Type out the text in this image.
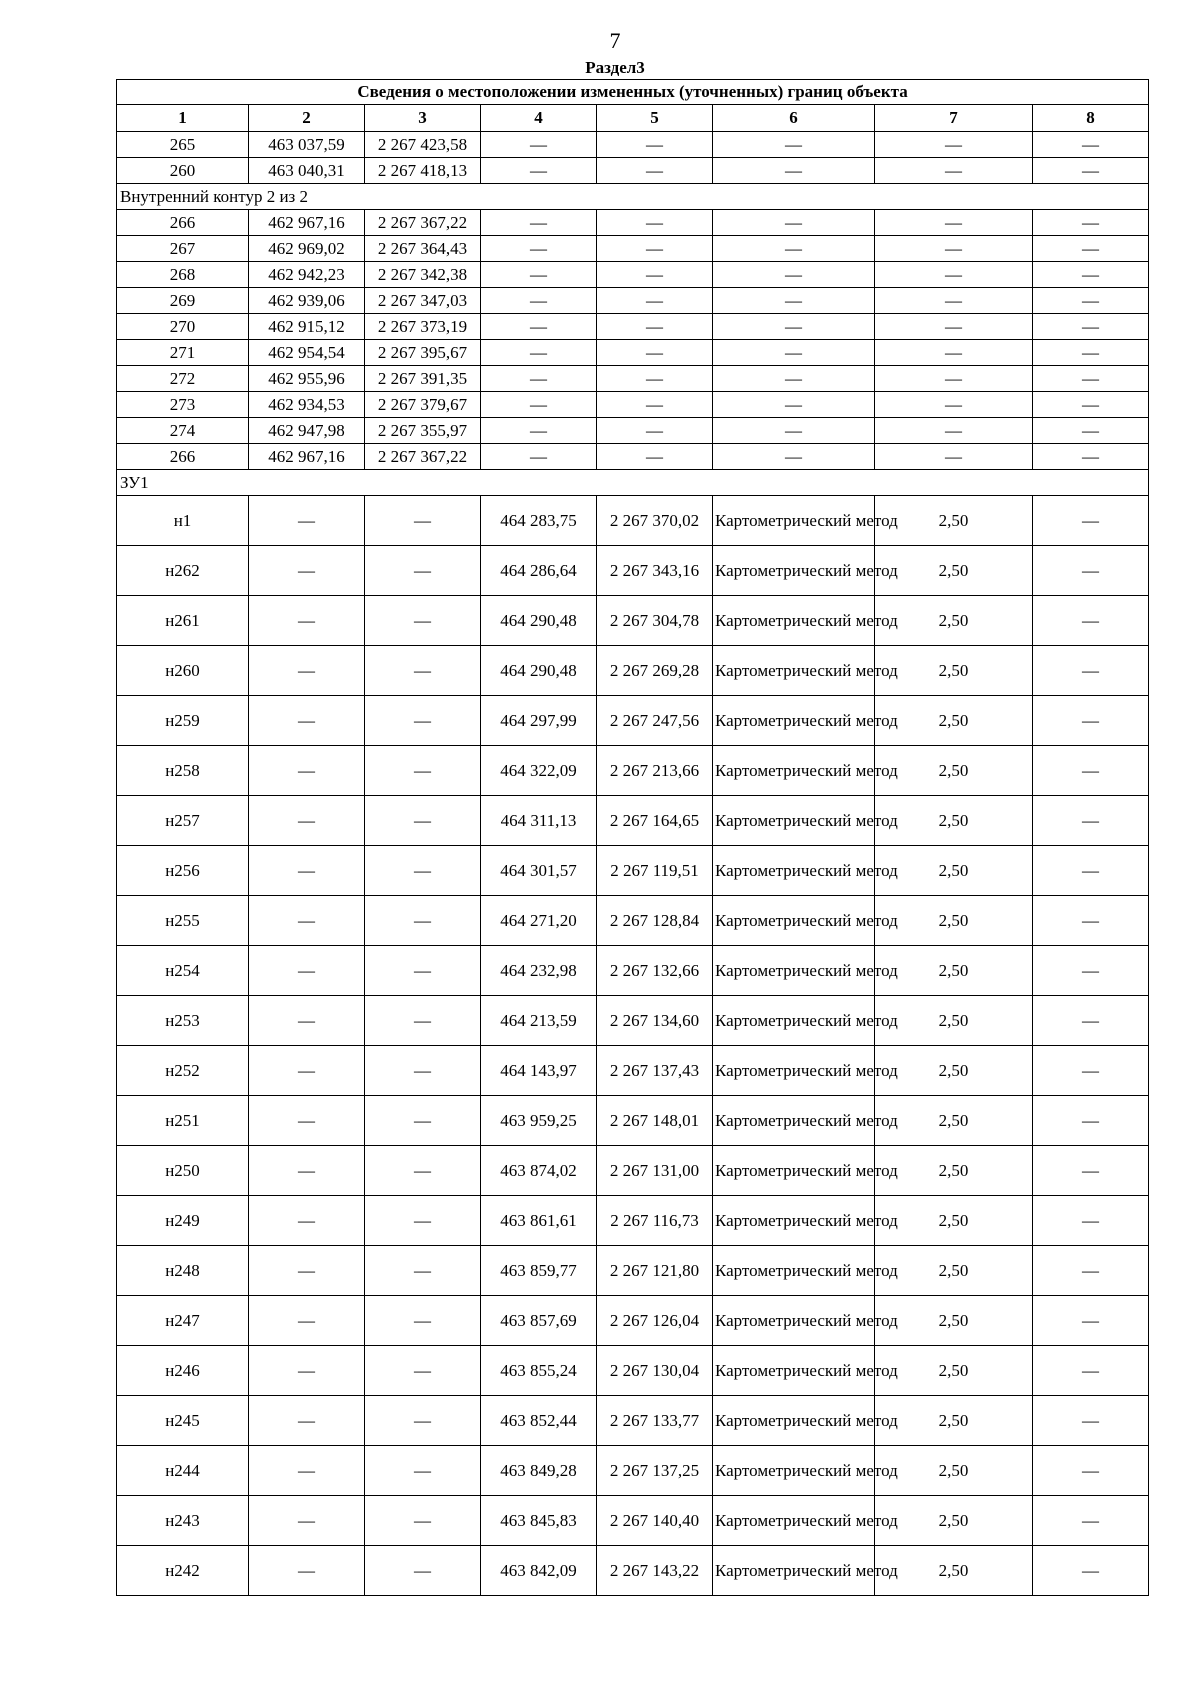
7
Раздел3
Сведения о местоположении измененных (уточненных) границ объекта							
1	2	3	4	5	6	7	8
265	463 037,59	2 267 423,58	—	—	—	—	—
260	463 040,31	2 267 418,13	—	—	—	—	—
Внутренний контур 2 из 2							
266	462 967,16	2 267 367,22	—	—	—	—	—
267	462 969,02	2 267 364,43	—	—	—	—	—
268	462 942,23	2 267 342,38	—	—	—	—	—
269	462 939,06	2 267 347,03	—	—	—	—	—
270	462 915,12	2 267 373,19	—	—	—	—	—
271	462 954,54	2 267 395,67	—	—	—	—	—
272	462 955,96	2 267 391,35	—	—	—	—	—
273	462 934,53	2 267 379,67	—	—	—	—	—
274	462 947,98	2 267 355,97	—	—	—	—	—
266	462 967,16	2 267 367,22	—	—	—	—	—
ЗУ1							
н1	—	—	464 283,75	2 267 370,02	Картометрический метод	2,50	—
н262	—	—	464 286,64	2 267 343,16	Картометрический метод	2,50	—
н261	—	—	464 290,48	2 267 304,78	Картометрический метод	2,50	—
н260	—	—	464 290,48	2 267 269,28	Картометрический метод	2,50	—
н259	—	—	464 297,99	2 267 247,56	Картометрический метод	2,50	—
н258	—	—	464 322,09	2 267 213,66	Картометрический метод	2,50	—
н257	—	—	464 311,13	2 267 164,65	Картометрический метод	2,50	—
н256	—	—	464 301,57	2 267 119,51	Картометрический метод	2,50	—
н255	—	—	464 271,20	2 267 128,84	Картометрический метод	2,50	—
н254	—	—	464 232,98	2 267 132,66	Картометрический метод	2,50	—
н253	—	—	464 213,59	2 267 134,60	Картометрический метод	2,50	—
н252	—	—	464 143,97	2 267 137,43	Картометрический метод	2,50	—
н251	—	—	463 959,25	2 267 148,01	Картометрический метод	2,50	—
н250	—	—	463 874,02	2 267 131,00	Картометрический метод	2,50	—
н249	—	—	463 861,61	2 267 116,73	Картометрический метод	2,50	—
н248	—	—	463 859,77	2 267 121,80	Картометрический метод	2,50	—
н247	—	—	463 857,69	2 267 126,04	Картометрический метод	2,50	—
н246	—	—	463 855,24	2 267 130,04	Картометрический метод	2,50	—
н245	—	—	463 852,44	2 267 133,77	Картометрический метод	2,50	—
н244	—	—	463 849,28	2 267 137,25	Картометрический метод	2,50	—
н243	—	—	463 845,83	2 267 140,40	Картометрический метод	2,50	—
н242	—	—	463 842,09	2 267 143,22	Картометрический метод	2,50	—
